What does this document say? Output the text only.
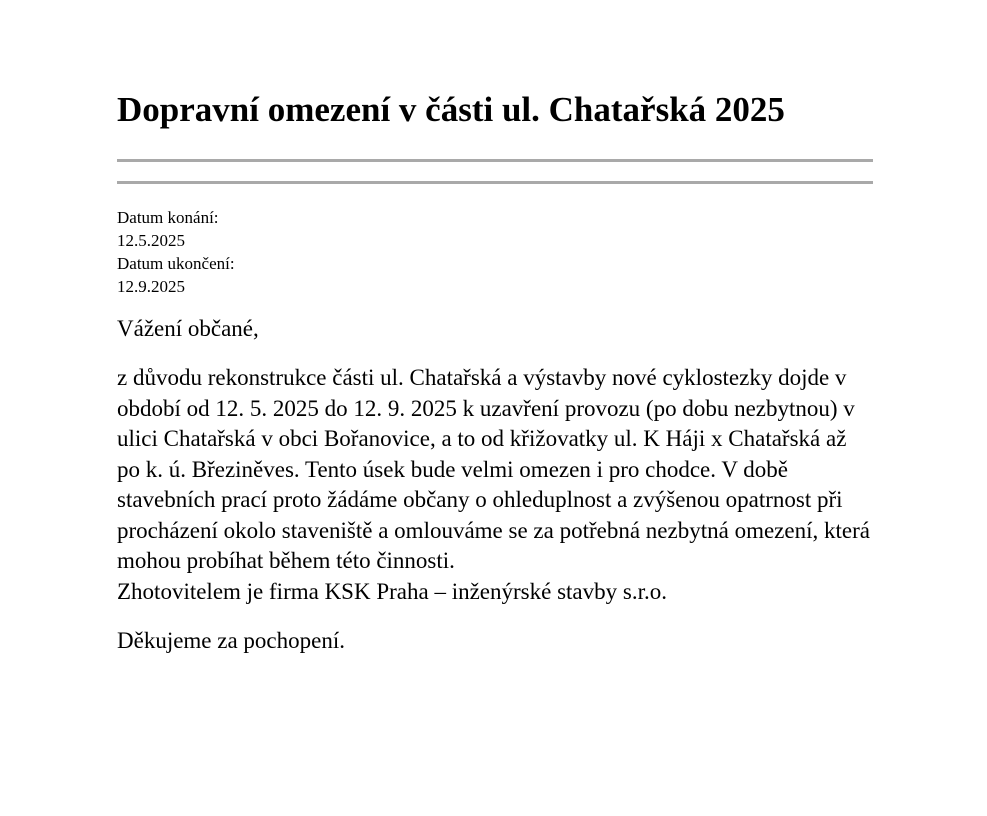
Dopravní omezení v části ul. Chatařská 2025
Datum konání:
12.5.2025
Datum ukončení:
12.9.2025
Vážení občané,

z důvodu rekonstrukce části ul. Chatařská a výstavby nové cyklostezky dojde v období od 12. 5. 2025 do 12. 9. 2025 k uzavření provozu (po dobu nezbytnou) v ulici Chatařská v obci Bořanovice, a to od křižovatky ul. K Háji x Chatařská až po k. ú. Březiněves. Tento úsek bude velmi omezen i pro chodce. V době stavebních prací proto žádáme občany o ohleduplnost a zvýšenou opatrnost při procházení okolo staveniště a omlouváme se za potřebná nezbytná omezení, která mohou probíhat během této činnosti.

Zhotovitelem je firma KSK Praha – inženýrské stavby s.r.o.

Děkujeme za pochopení.
